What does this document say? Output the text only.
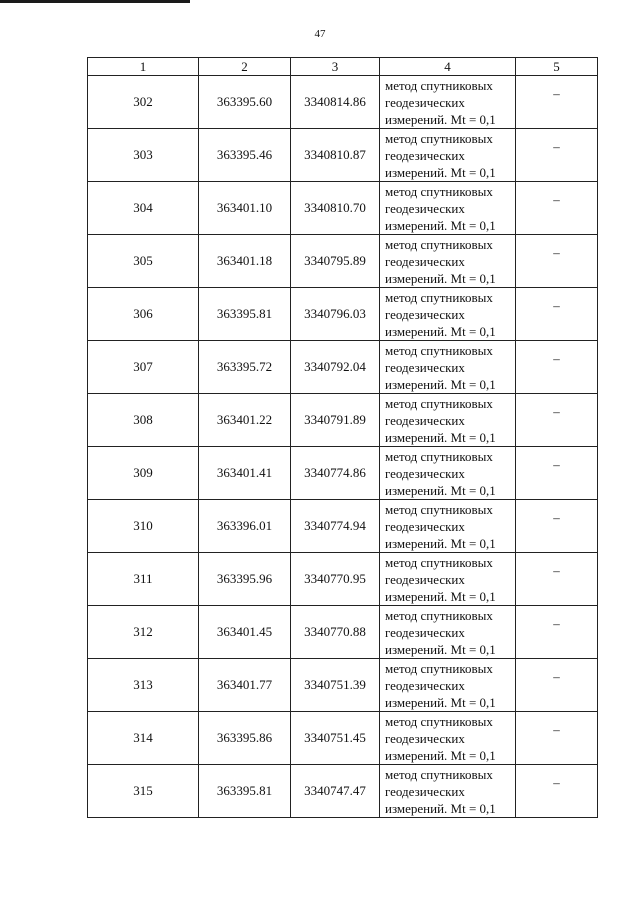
47
1	2	3	4	5
302	363395.60	3340814.86	метод спутниковых
геодезических
измерений. Mt = 0,1	–
303	363395.46	3340810.87	метод спутниковых
геодезических
измерений. Mt = 0,1	–
304	363401.10	3340810.70	метод спутниковых
геодезических
измерений. Mt = 0,1	–
305	363401.18	3340795.89	метод спутниковых
геодезических
измерений. Mt = 0,1	–
306	363395.81	3340796.03	метод спутниковых
геодезических
измерений. Mt = 0,1	–
307	363395.72	3340792.04	метод спутниковых
геодезических
измерений. Mt = 0,1	–
308	363401.22	3340791.89	метод спутниковых
геодезических
измерений. Mt = 0,1	–
309	363401.41	3340774.86	метод спутниковых
геодезических
измерений. Mt = 0,1	–
310	363396.01	3340774.94	метод спутниковых
геодезических
измерений. Mt = 0,1	–
311	363395.96	3340770.95	метод спутниковых
геодезических
измерений. Mt = 0,1	–
312	363401.45	3340770.88	метод спутниковых
геодезических
измерений. Mt = 0,1	–
313	363401.77	3340751.39	метод спутниковых
геодезических
измерений. Mt = 0,1	–
314	363395.86	3340751.45	метод спутниковых
геодезических
измерений. Mt = 0,1	–
315	363395.81	3340747.47	метод спутниковых
геодезических
измерений. Mt = 0,1	–
